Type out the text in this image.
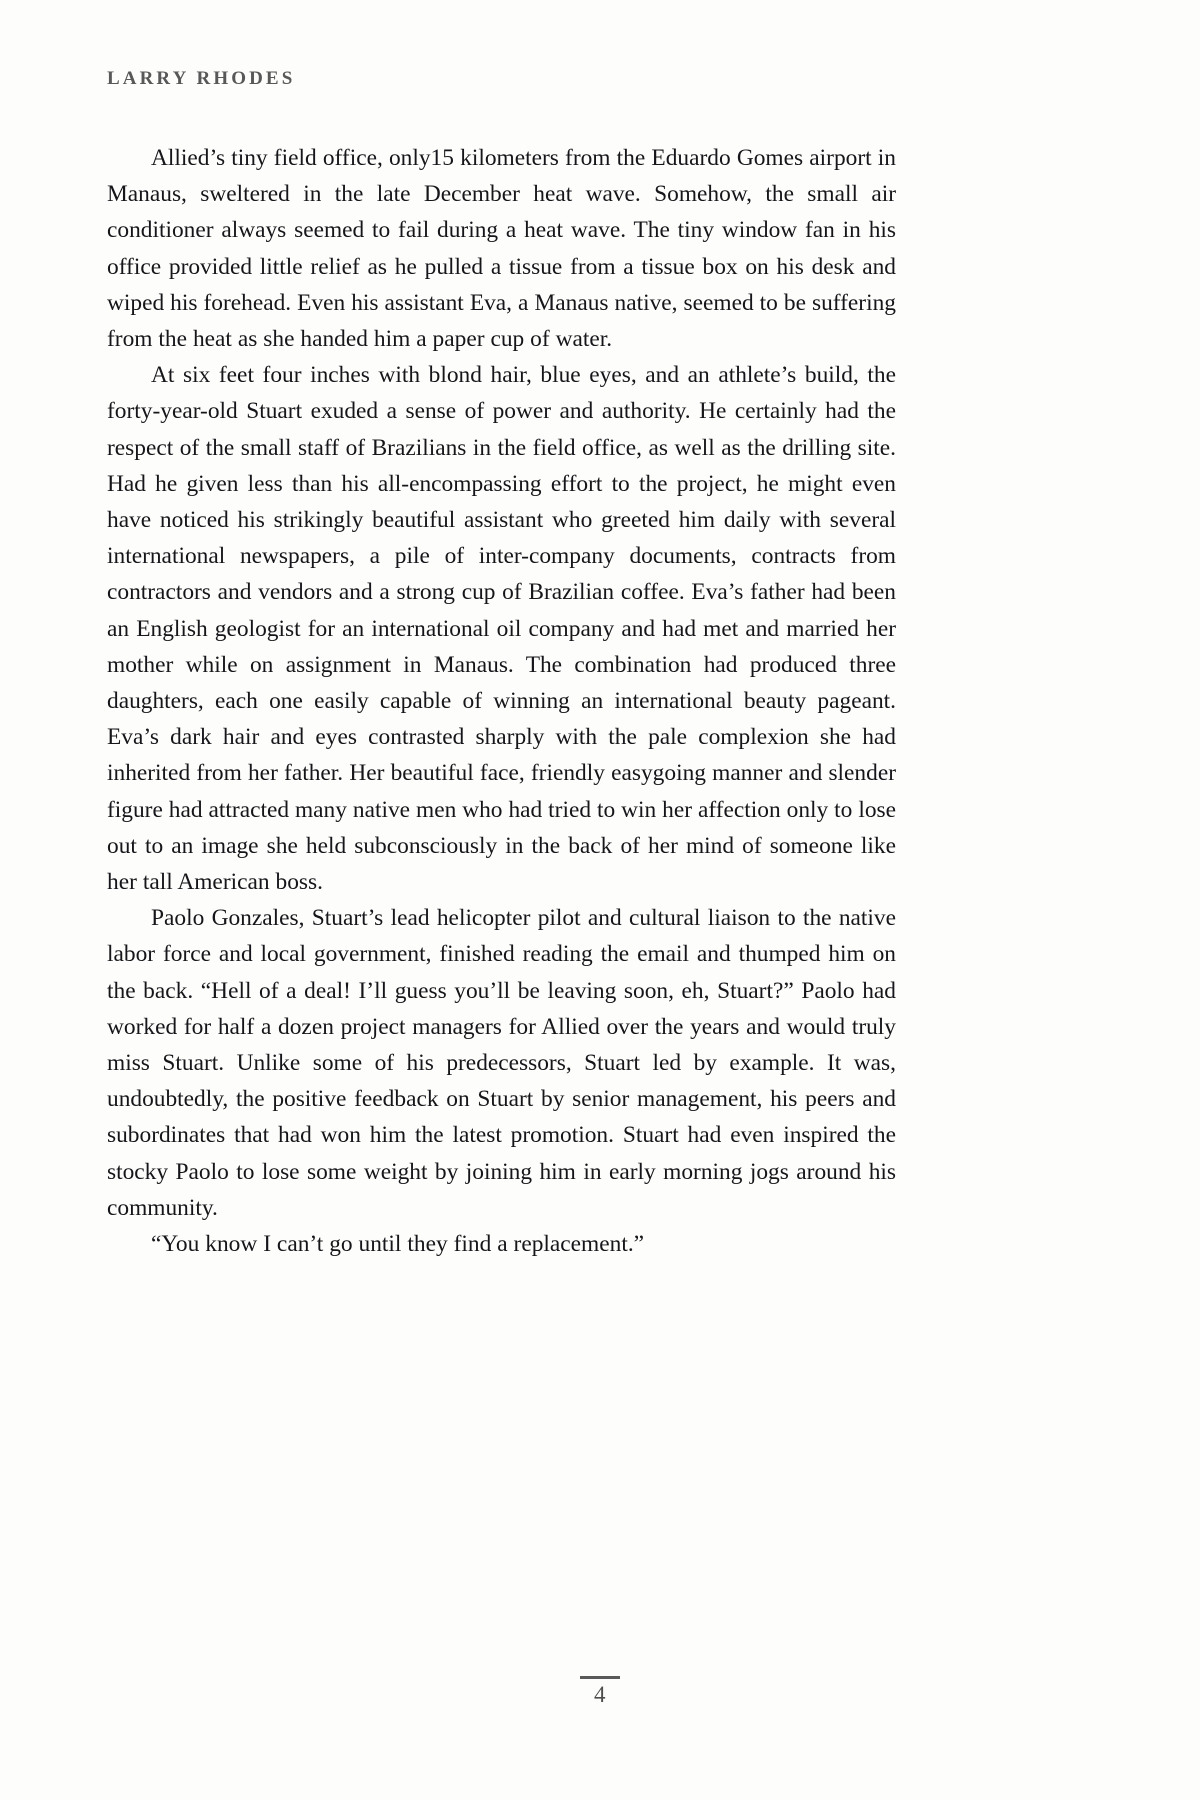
LARRY RHODES

Allied’s tiny field office, only15 kilometers from the Eduardo Gomes airport in Manaus, sweltered in the late December heat wave. Somehow, the small air conditioner always seemed to fail during a heat wave. The tiny window fan in his office provided little relief as he pulled a tissue from a tissue box on his desk and wiped his forehead. Even his assistant Eva, a Manaus native, seemed to be suffering from the heat as she handed him a paper cup of water.

At six feet four inches with blond hair, blue eyes, and an athlete’s build, the forty-year-old Stuart exuded a sense of power and authority. He certainly had the respect of the small staff of Brazilians in the field office, as well as the drilling site. Had he given less than his all-encompassing effort to the project, he might even have noticed his strikingly beautiful assistant who greeted him daily with several international newspapers, a pile of inter-company documents, contracts from contractors and vendors and a strong cup of Brazilian coffee. Eva’s father had been an English geologist for an international oil company and had met and married her mother while on assignment in Manaus. The combination had produced three daughters, each one easily capable of winning an international beauty pageant. Eva’s dark hair and eyes contrasted sharply with the pale complexion she had inherited from her father. Her beautiful face, friendly easygoing manner and slender figure had attracted many native men who had tried to win her affection only to lose out to an image she held subconsciously in the back of her mind of someone like her tall American boss.

Paolo Gonzales, Stuart’s lead helicopter pilot and cultural liaison to the native labor force and local government, finished reading the email and thumped him on the back. “Hell of a deal! I’ll guess you’ll be leaving soon, eh, Stuart?” Paolo had worked for half a dozen project managers for Allied over the years and would truly miss Stuart. Unlike some of his predecessors, Stuart led by example. It was, undoubtedly, the positive feedback on Stuart by senior management, his peers and subordinates that had won him the latest promotion. Stuart had even inspired the stocky Paolo to lose some weight by joining him in early morning jogs around his community.

“You know I can’t go until they find a replacement.”

4
